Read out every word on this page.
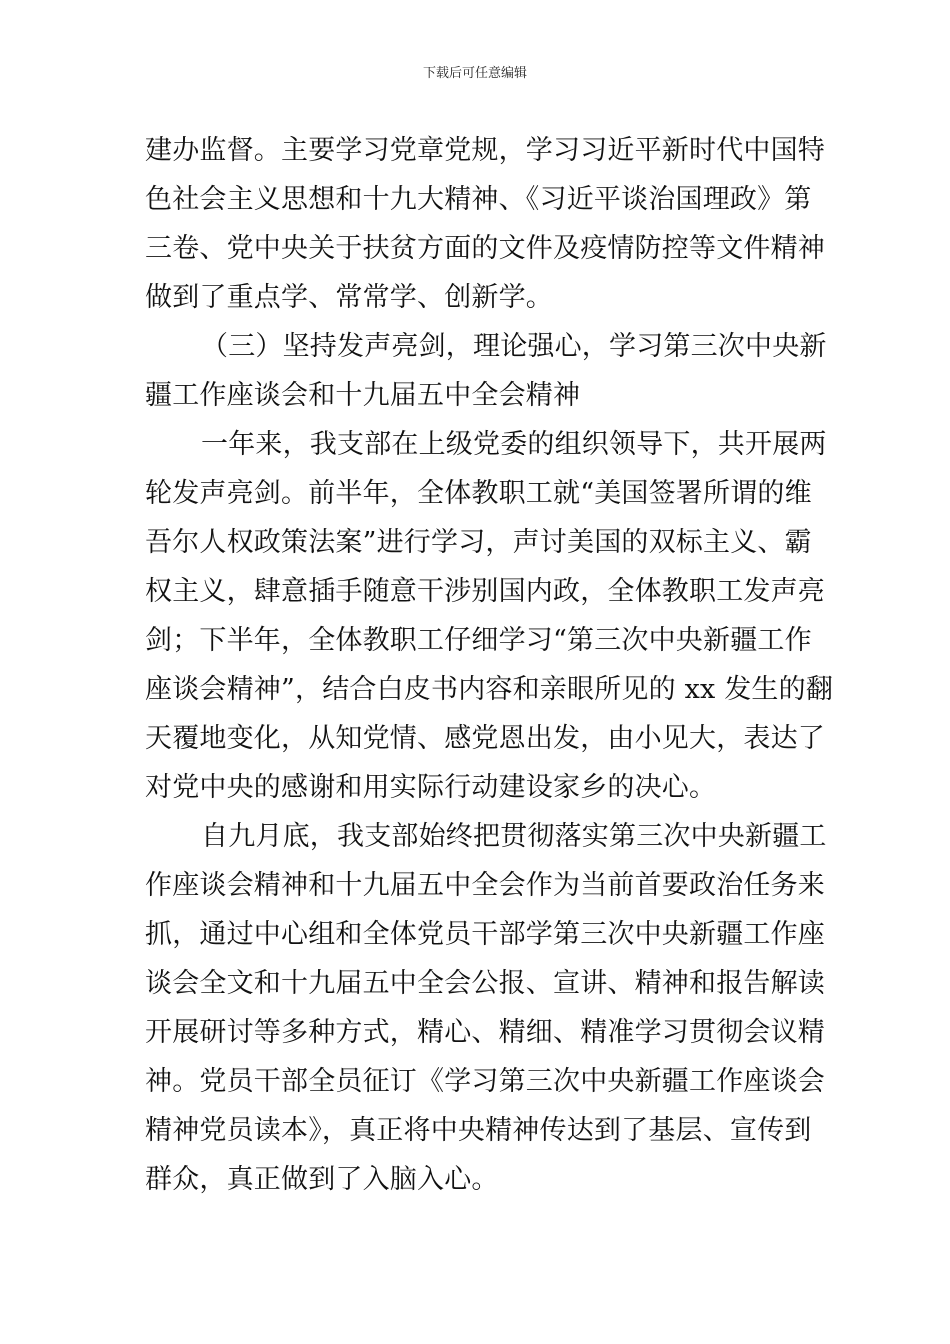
下载后可任意编辑
建办监督。主要学习党章党规，学习习近平新时代中国特
色社会主义思想和十九大精神、《习近平谈治国理政》第
三卷、党中央关于扶贫方面的文件及疫情防控等文件精神
做到了重点学、常常学、创新学。
（三）坚持发声亮剑，理论强心，学习第三次中央新
疆工作座谈会和十九届五中全会精神
一年来，我支部在上级党委的组织领导下，共开展两
轮发声亮剑。前半年，全体教职工就“美国签署所谓的维
吾尔人权政策法案”进行学习，声讨美国的双标主义、霸
权主义，肆意插手随意干涉别国内政，全体教职工发声亮
剑；下半年，全体教职工仔细学习“第三次中央新疆工作
座谈会精神”，结合白皮书内容和亲眼所见的 xx 发生的翻
天覆地变化，从知党情、感党恩出发，由小见大，表达了
对党中央的感谢和用实际行动建设家乡的决心。
自九月底，我支部始终把贯彻落实第三次中央新疆工
作座谈会精神和十九届五中全会作为当前首要政治任务来
抓，通过中心组和全体党员干部学第三次中央新疆工作座
谈会全文和十九届五中全会公报、宣讲、精神和报告解读
开展研讨等多种方式，精心、精细、精准学习贯彻会议精
神。党员干部全员征订《学习第三次中央新疆工作座谈会
精神党员读本》，真正将中央精神传达到了基层、宣传到
群众，真正做到了入脑入心。
